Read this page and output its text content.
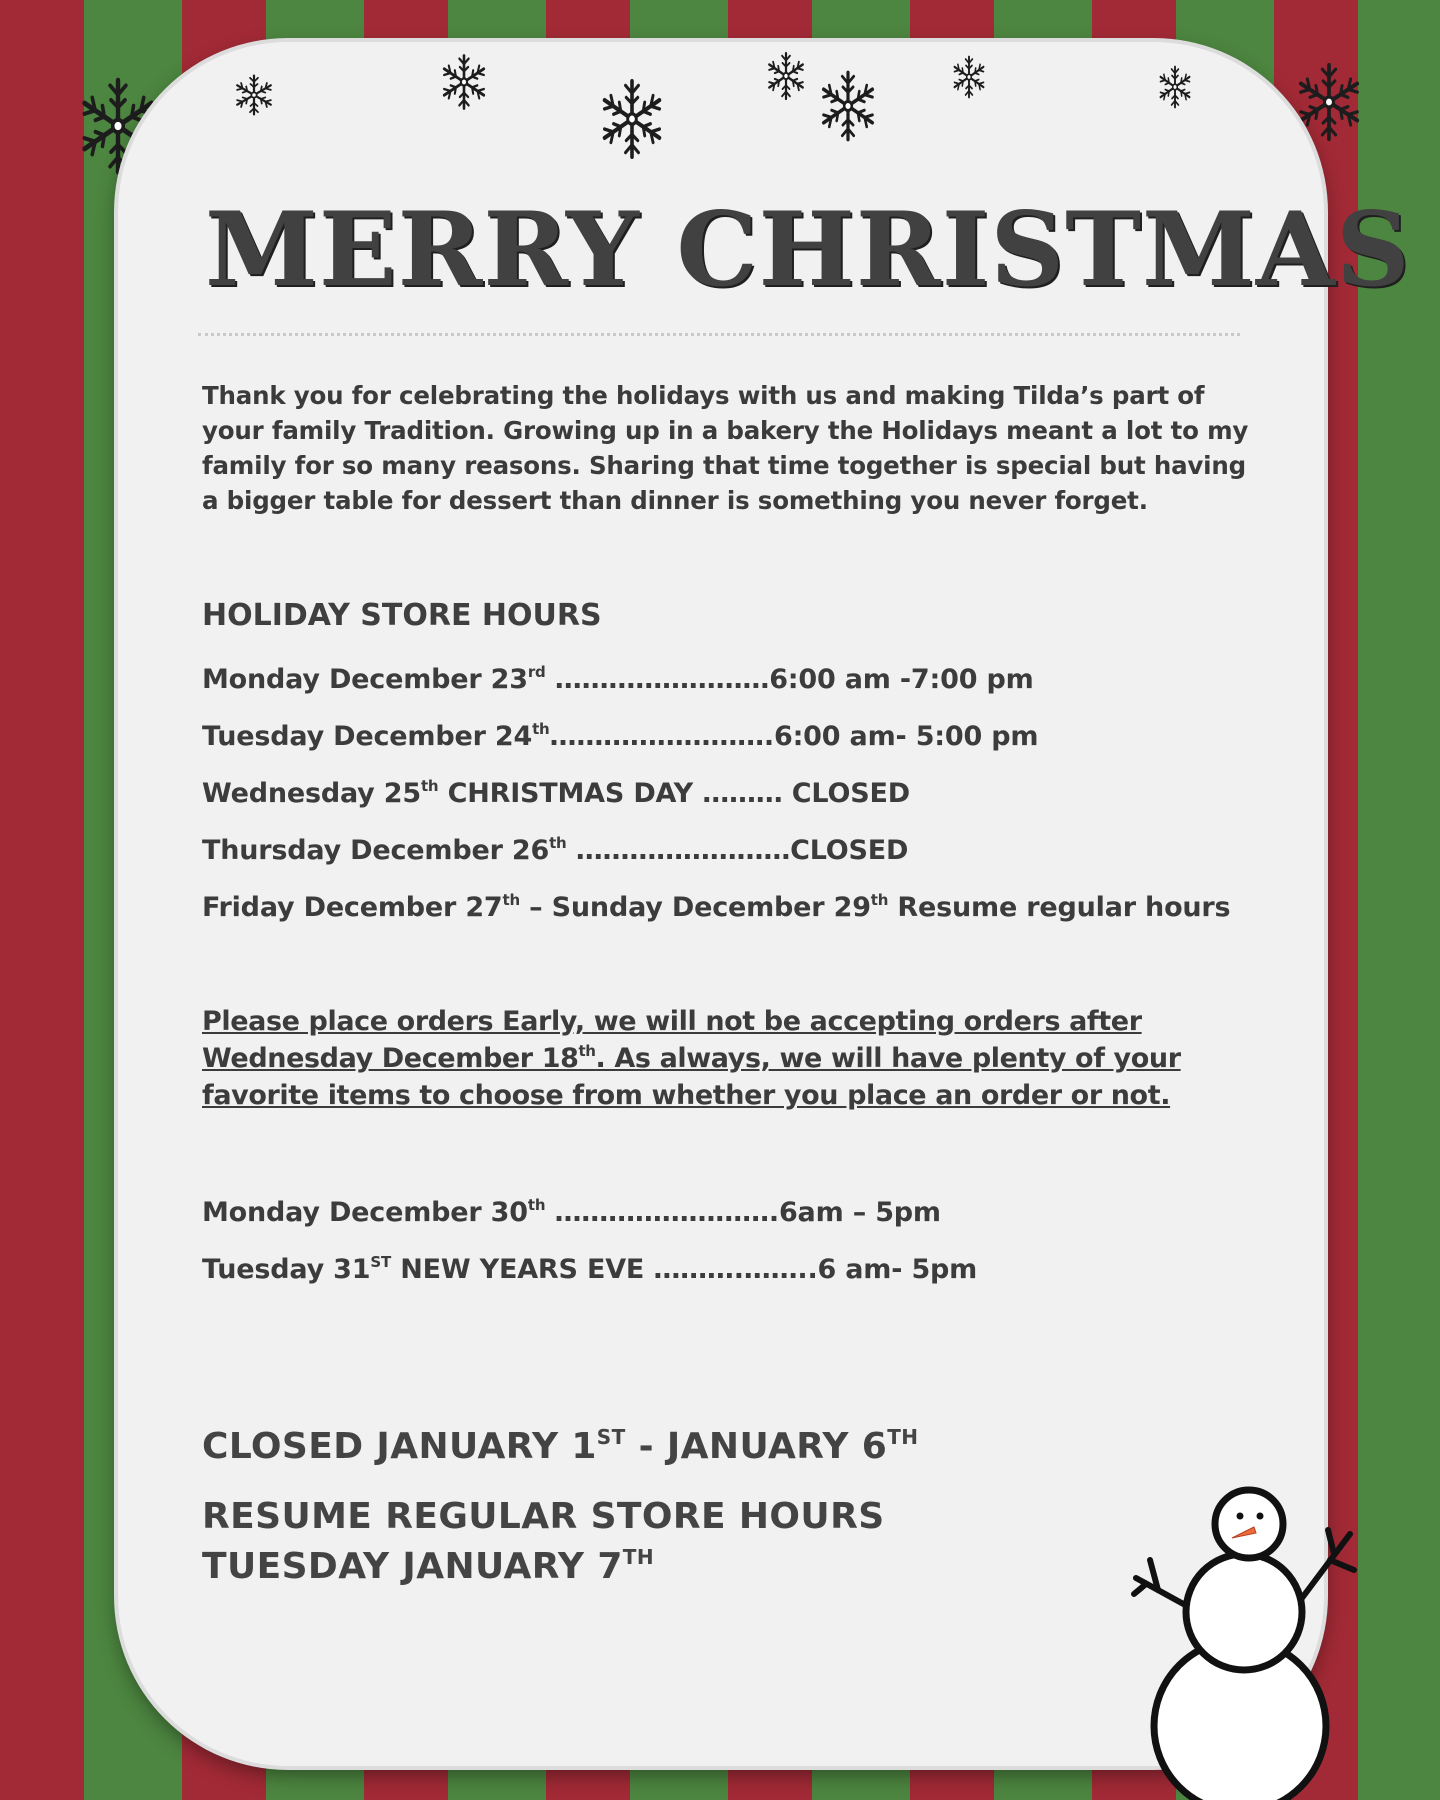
MERRY CHRISTMAS

Thank you for celebrating the holidays with us and making Tilda’s part of your family Tradition. Growing up in a bakery the Holidays meant a lot to my family for so many reasons. Sharing that time together is special but having a bigger table for dessert than dinner is something you never forget.

HOLIDAY STORE HOURS
Monday December 23rd ……………………6:00 am -7:00 pm
Tuesday December 24th…………………….6:00 am- 5:00 pm
Wednesday 25th CHRISTMAS DAY ……… CLOSED
Thursday December 26th ……………………CLOSED
Friday December 27th – Sunday December 29th Resume regular hours

Please place orders Early, we will not be accepting orders after Wednesday December 18th. As always, we will have plenty of your favorite items to choose from whether you place an order or not.

Monday December 30th …………………….6am – 5pm
Tuesday 31ST NEW YEARS EVE ……….……..6 am- 5pm

CLOSED JANUARY 1ST - JANUARY 6TH

RESUME REGULAR STORE HOURS TUESDAY JANUARY 7TH
